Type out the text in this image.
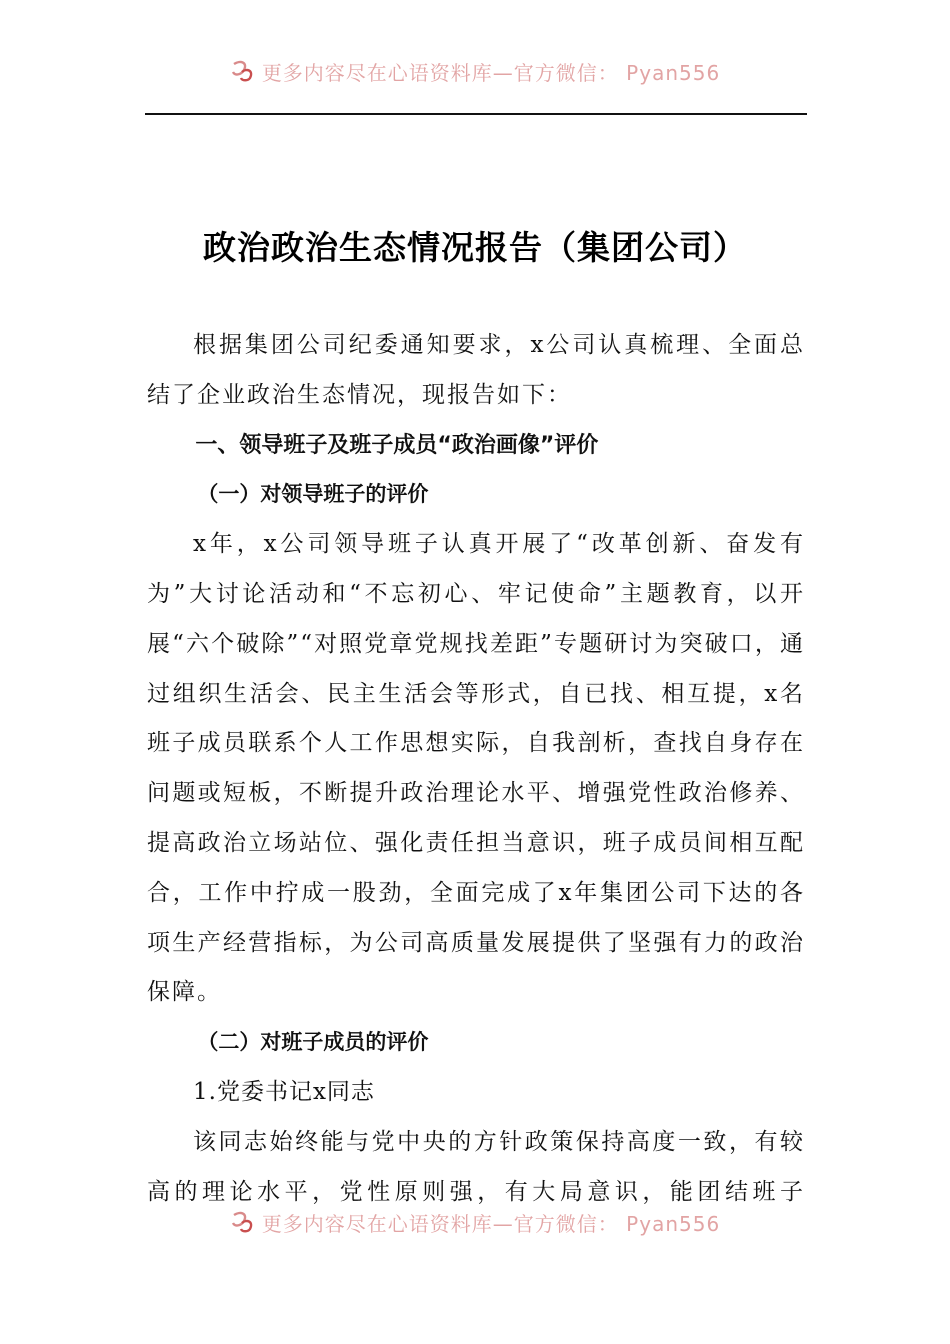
更多内容尽在心语资料库—官方微信： Pyan556
政治政治生态情况报告（集团公司）

根据集团公司纪委通知要求，x公司认真梳理、全面总结了企业政治生态情况，现报告如下：

一、领导班子及班子成员“政治画像”评价

（一）对领导班子的评价

x年，x公司领导班子认真开展了“改革创新、奋发有为”大讨论活动和“不忘初心、牢记使命”主题教育，以开展“六个破除”“对照党章党规找差距”专题研讨为突破口，通过组织生活会、民主生活会等形式，自已找、相互提，x名班子成员联系个人工作思想实际，自我剖析，查找自身存在问题或短板，不断提升政治理论水平、增强党性政治修养、提高政治立场站位、强化责任担当意识，班子成员间相互配合，工作中拧成一股劲，全面完成了x年集团公司下达的各项生产经营指标，为公司高质量发展提供了坚强有力的政治保障。

（二）对班子成员的评价

1.党委书记x同志

该同志始终能与党中央的方针政策保持高度一致，有较高的理论水平，党性原则强，有大局意识，能团结班子

更多内容尽在心语资料库—官方微信： Pyan556
